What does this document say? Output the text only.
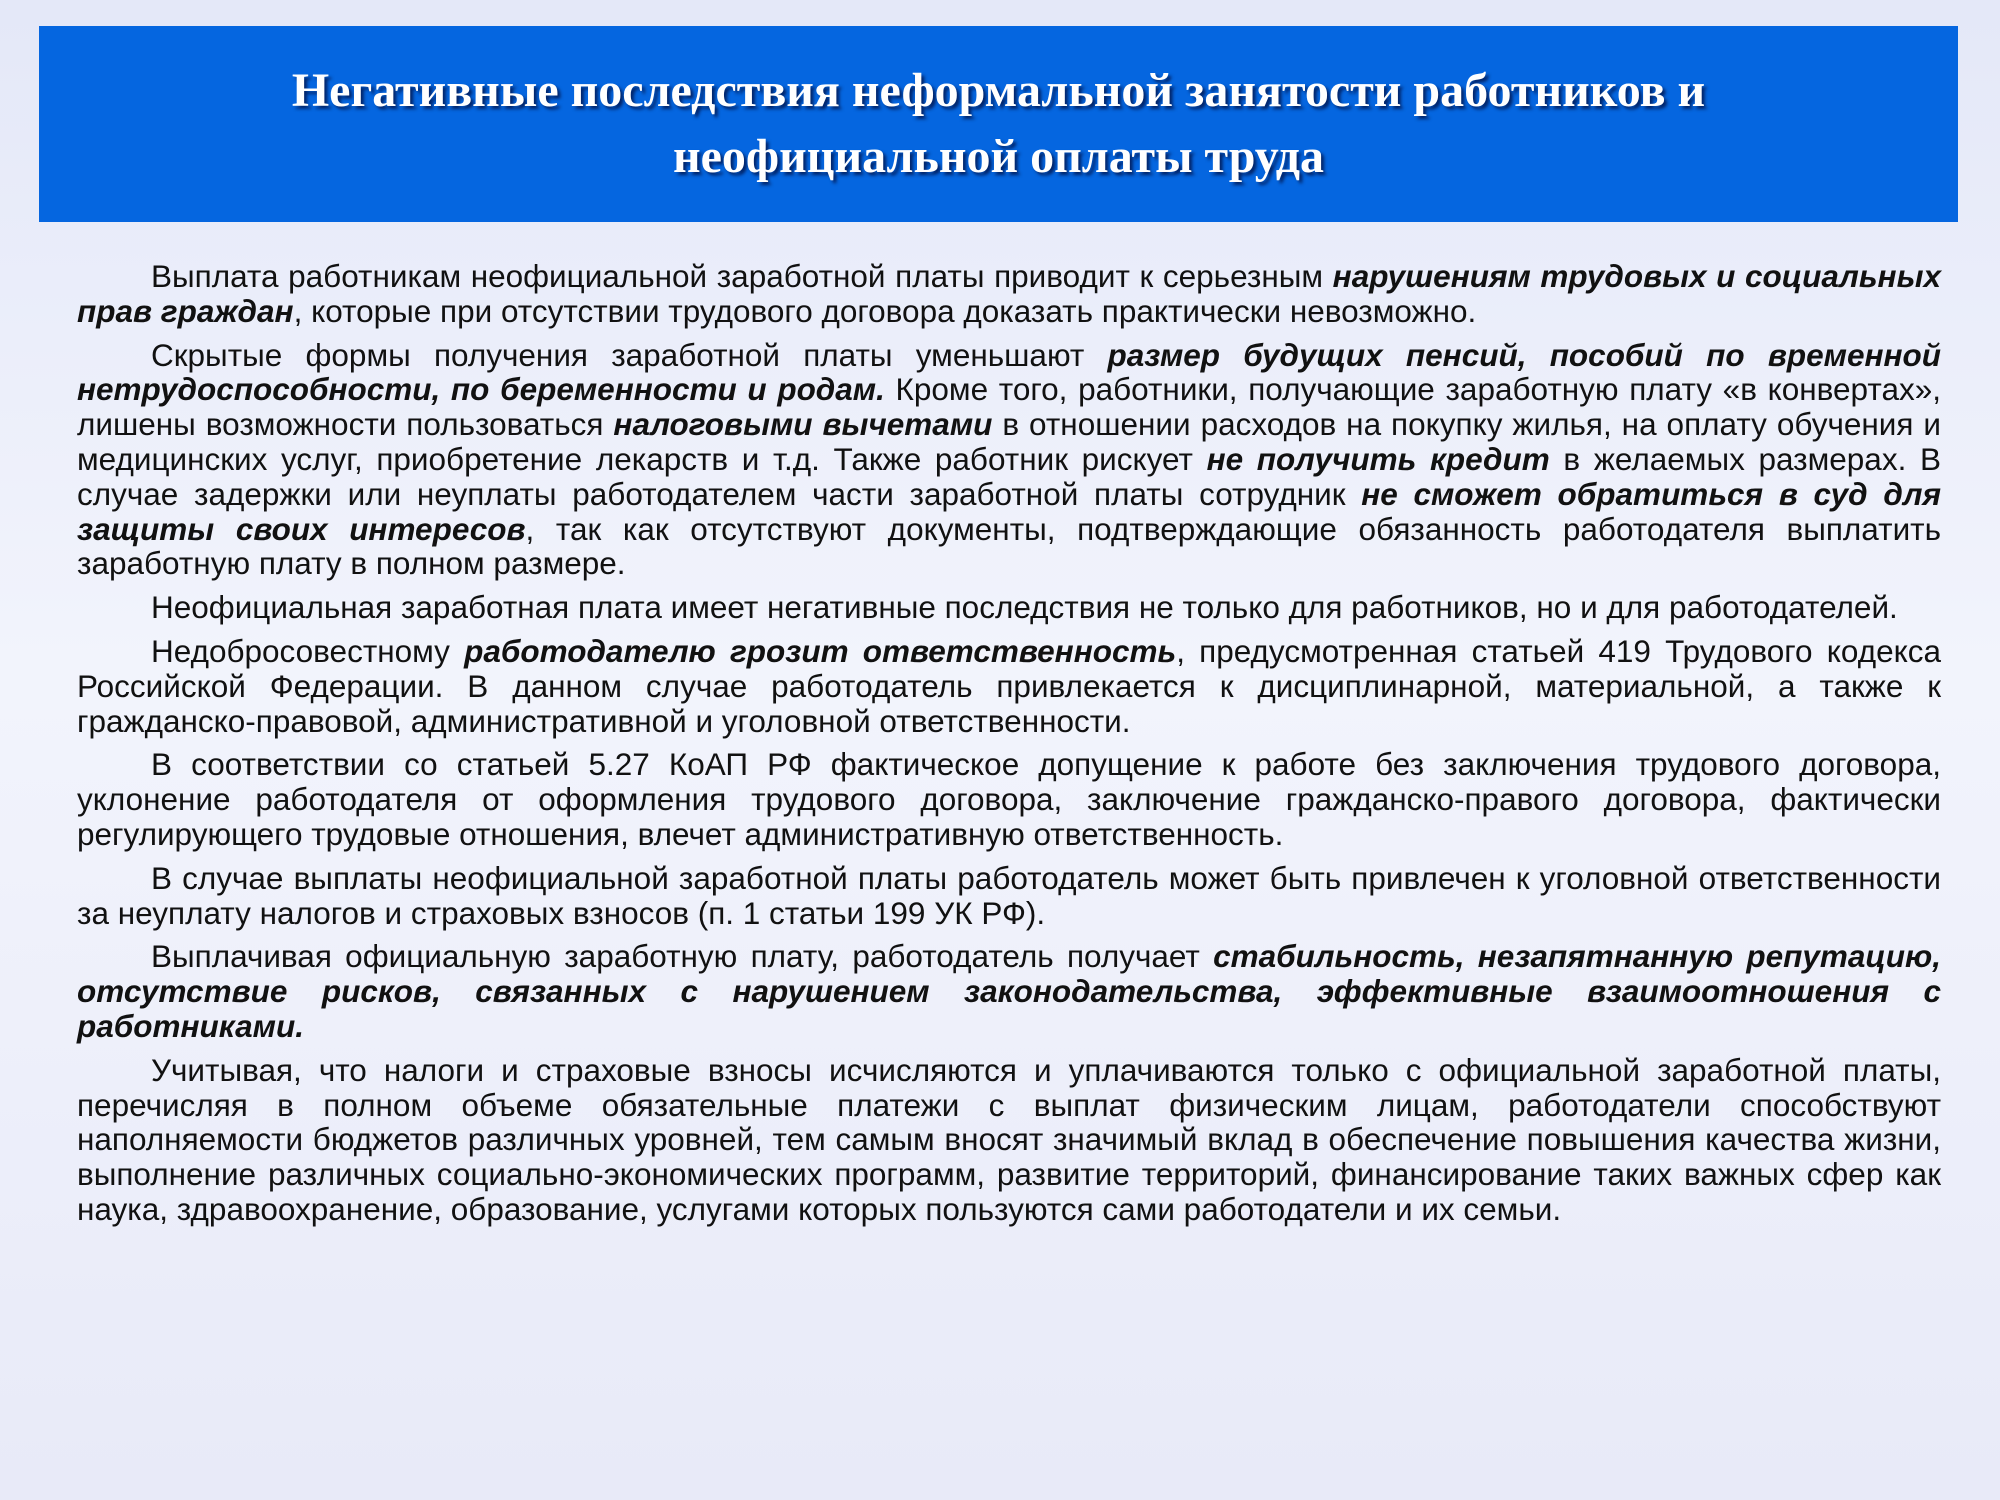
Негативные последствия неформальной занятости работников и
неофициальной оплаты труда

Выплата работникам неофициальной заработной платы приводит к серьезным нарушениям трудовых и социальных прав граждан, которые при отсутствии трудового договора доказать практически невозможно.

Скрытые формы получения заработной платы уменьшают размер будущих пенсий, пособий по временной нетрудоспособности, по беременности и родам. Кроме того, работники, получающие заработную плату «в конвертах», лишены возможности пользоваться налоговыми вычетами в отношении расходов на покупку жилья, на оплату обучения и медицинских услуг, приобретение лекарств и т.д. Также работник рискует не получить кредит в желаемых размерах. В случае задержки или неуплаты работодателем части заработной платы сотрудник не сможет обратиться в суд для защиты своих интересов, так как отсутствуют документы, подтверждающие обязанность работодателя выплатить заработную плату в полном размере.

Неофициальная заработная плата имеет негативные последствия не только для работников, но и для работодателей.

Недобросовестному работодателю грозит ответственность, предусмотренная статьей 419 Трудового кодекса Российской Федерации. В данном случае работодатель привлекается к дисциплинарной, материальной, а также к гражданско-правовой, административной и уголовной ответственности.

В соответствии со статьей 5.27 КоАП РФ фактическое допущение к работе без заключения трудового договора, уклонение работодателя от оформления трудового договора, заключение гражданско-правого договора, фактически регулирующего трудовые отношения, влечет административную ответственность.

В случае выплаты неофициальной заработной платы работодатель может быть привлечен к уголовной ответственности за неуплату налогов и страховых взносов (п. 1 статьи 199 УК РФ).

Выплачивая официальную заработную плату, работодатель получает стабильность, незапятнанную репутацию, отсутствие рисков, связанных с нарушением законодательства, эффективные взаимоотношения с работниками.

Учитывая, что налоги и страховые взносы исчисляются и уплачиваются только с официальной заработной платы, перечисляя в полном объеме обязательные платежи с выплат физическим лицам, работодатели способствуют наполняемости бюджетов различных уровней, тем самым вносят значимый вклад в обеспечение повышения качества жизни, выполнение различных социально-экономических программ, развитие территорий, финансирование таких важных сфер как наука, здравоохранение, образование, услугами которых пользуются сами работодатели и их семьи.
